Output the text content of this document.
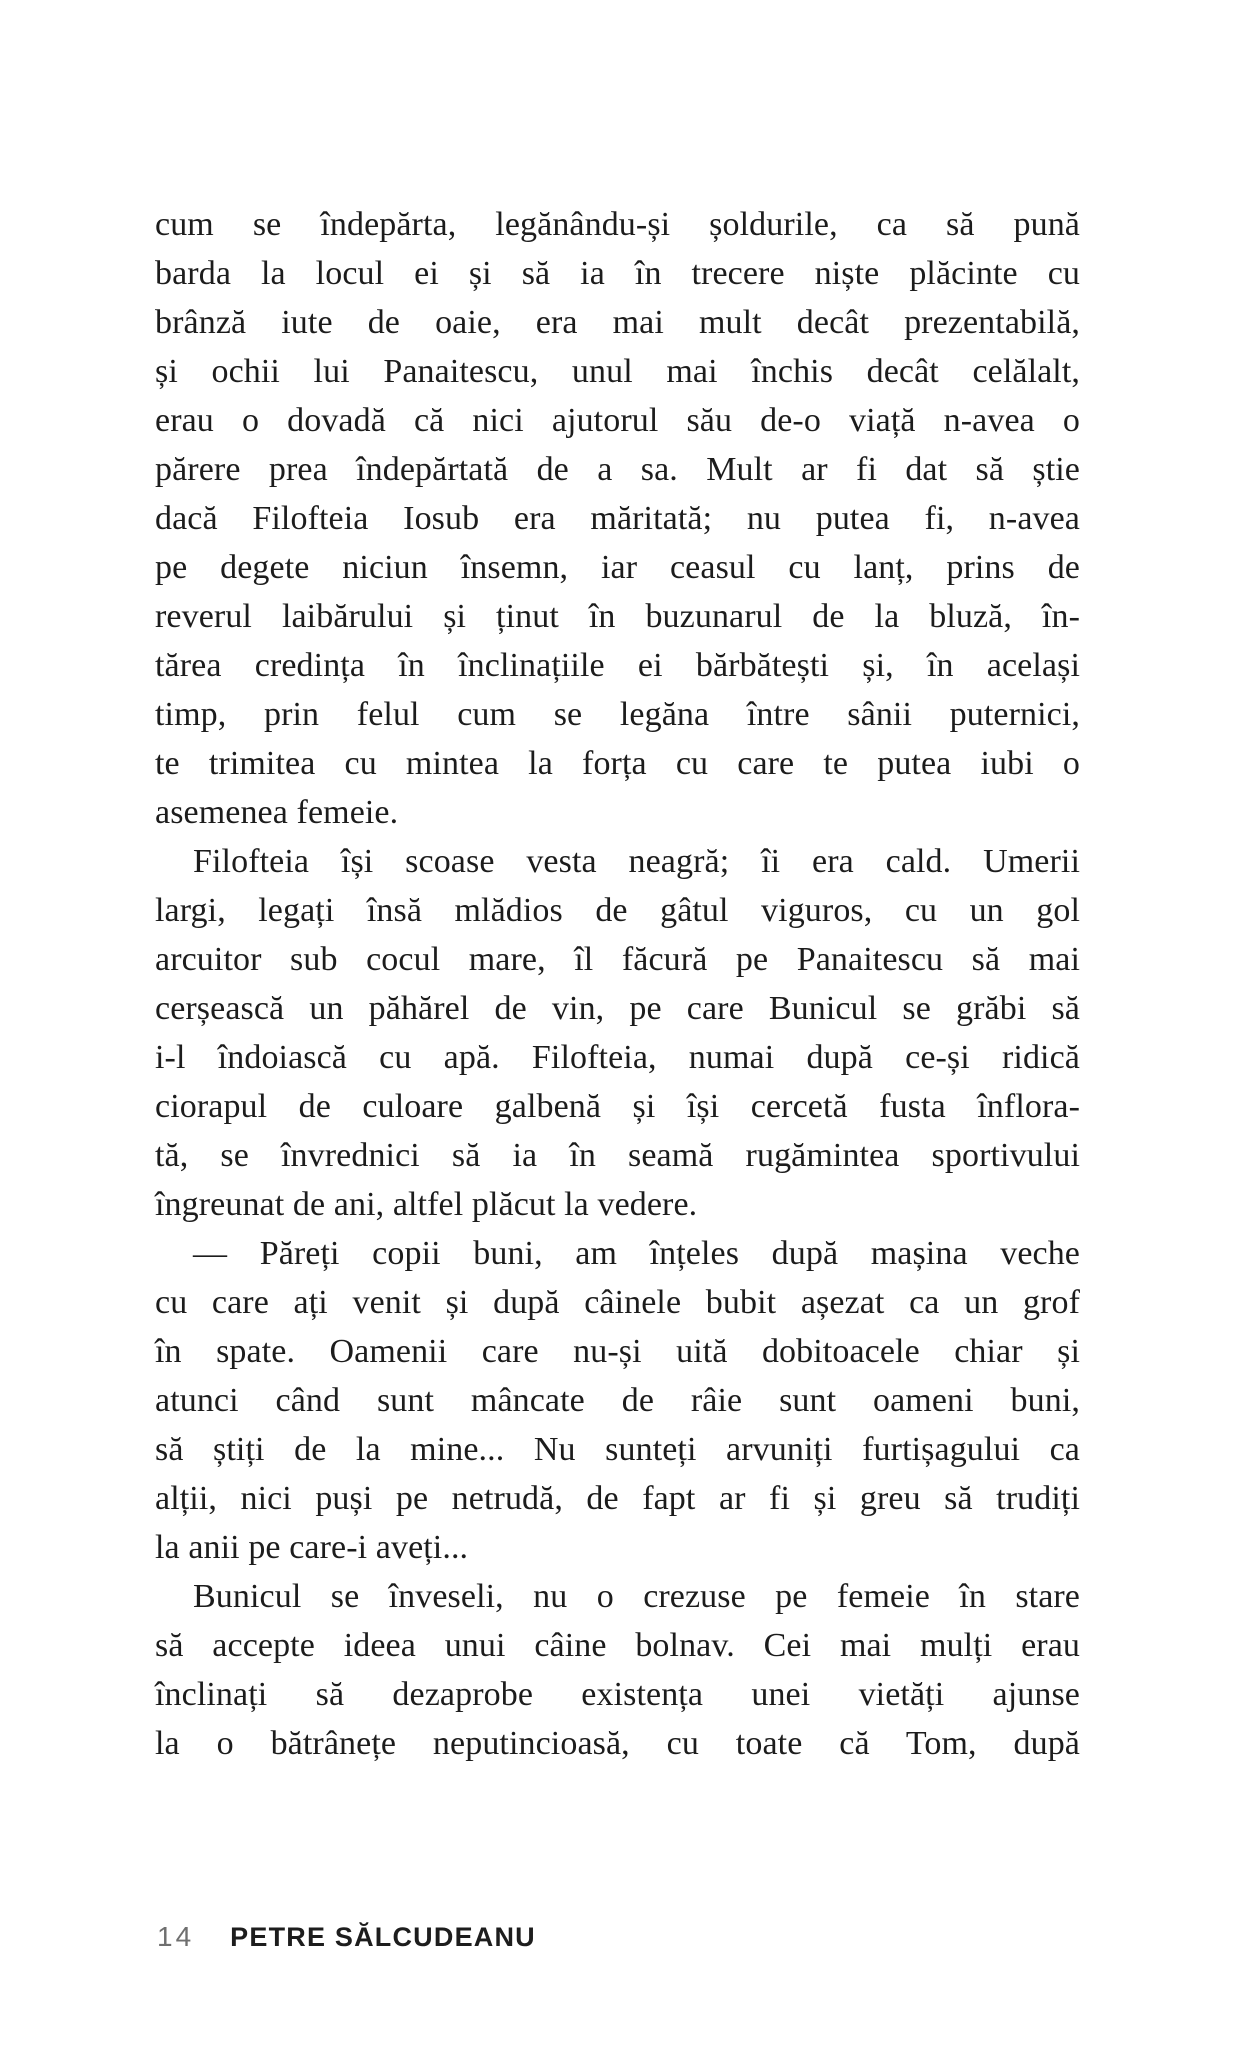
cum se îndepărta, legănându-și șoldurile, ca să pună
barda la locul ei și să ia în trecere niște plăcinte cu
brânză iute de oaie, era mai mult decât prezentabilă,
și ochii lui Panaitescu, unul mai închis decât celălalt,
erau o dovadă că nici ajutorul său de-o viață n-avea o
părere prea îndepărtată de a sa. Mult ar fi dat să știe
dacă Filofteia Iosub era măritată; nu putea fi, n-avea
pe degete niciun însemn, iar ceasul cu lanț, prins de
reverul laibărului și ținut în buzunarul de la bluză, în-
tărea credința în înclinațiile ei bărbătești și, în același
timp, prin felul cum se legăna între sânii puternici,
te trimitea cu mintea la forța cu care te putea iubi o
asemenea femeie.
Filofteia își scoase vesta neagră; îi era cald. Umerii
largi, legați însă mlădios de gâtul viguros, cu un gol
arcuitor sub cocul mare, îl făcură pe Panaitescu să mai
cerșească un păhărel de vin, pe care Bunicul se grăbi să
i-l îndoiască cu apă. Filofteia, numai după ce-și ridică
ciorapul de culoare galbenă și își cercetă fusta înflora-
tă, se învrednici să ia în seamă rugămintea sportivului
îngreunat de ani, altfel plăcut la vedere.
— Păreți copii buni, am înțeles după mașina veche
cu care ați venit și după câinele bubit așezat ca un grof
în spate. Oamenii care nu-și uită dobitoacele chiar și
atunci când sunt mâncate de râie sunt oameni buni,
să știți de la mine... Nu sunteți arvuniți furtișagului ca
alții, nici puși pe netrudă, de fapt ar fi și greu să trudiți
la anii pe care-i aveți...
Bunicul se înveseli, nu o crezuse pe femeie în stare
să accepte ideea unui câine bolnav. Cei mai mulți erau
înclinați să dezaprobe existența unei vietăți ajunse
la o bătrânețe neputincioasă, cu toate că Tom, după
14 PETRE SĂLCUDEANU
